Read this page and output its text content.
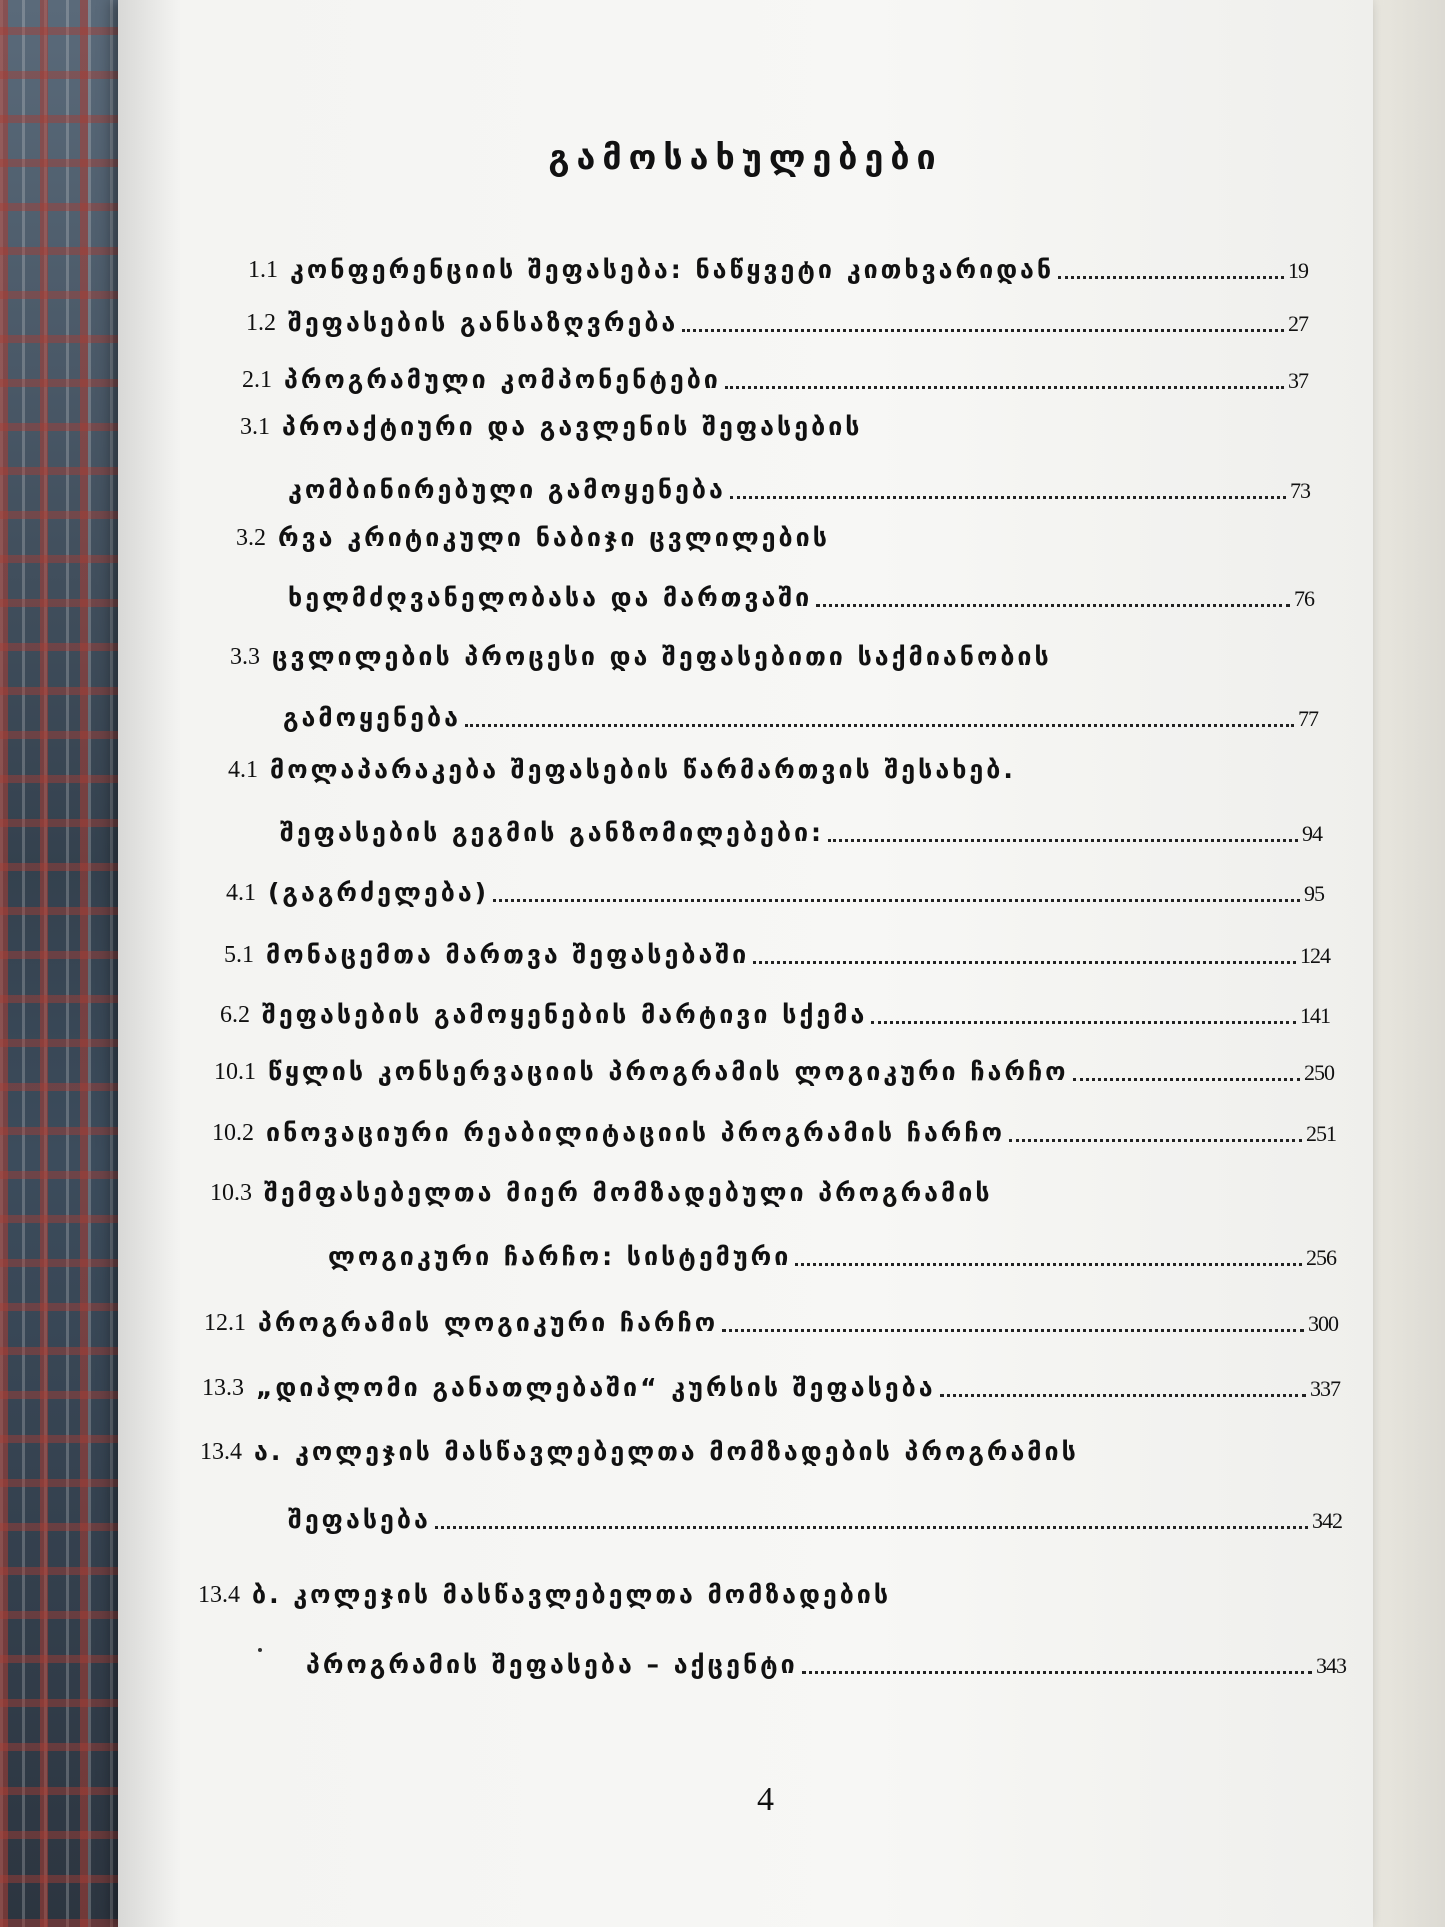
გამოსახულებები
1.1 კონფერენციის შეფასება: ნაწყვეტი კითხვარიდან	19
1.2 შეფასების განსაზღვრება	27
2.1 პროგრამული კომპონენტები	37
3.1 პროაქტიური და გავლენის შეფასების
კომბინირებული გამოყენება	73
3.2 რვა კრიტიკული ნაბიჯი ცვლილების
ხელმძღვანელობასა და მართვაში	76
3.3 ცვლილების პროცესი და შეფასებითი საქმიანობის
გამოყენება	77
4.1 მოლაპარაკება შეფასების წარმართვის შესახებ.
შეფასების გეგმის განზომილებები:	94
4.1 (გაგრძელება)	95
5.1 მონაცემთა მართვა შეფასებაში	124
6.2 შეფასების გამოყენების მარტივი სქემა	141
10.1 წყლის კონსერვაციის პროგრამის ლოგიკური ჩარჩო	250
10.2 ინოვაციური რეაბილიტაციის პროგრამის ჩარჩო	251
10.3 შემფასებელთა მიერ მომზადებული პროგრამის
ლოგიკური ჩარჩო: სისტემური	256
12.1 პროგრამის ლოგიკური ჩარჩო	300
13.3 „დიპლომი განათლებაში“ კურსის შეფასება	337
13.4 ა. კოლეჯის მასწავლებელთა მომზადების პროგრამის
შეფასება	342
13.4 ბ. კოლეჯის მასწავლებელთა მომზადების
პროგრამის შეფასება – აქცენტი	343
4
